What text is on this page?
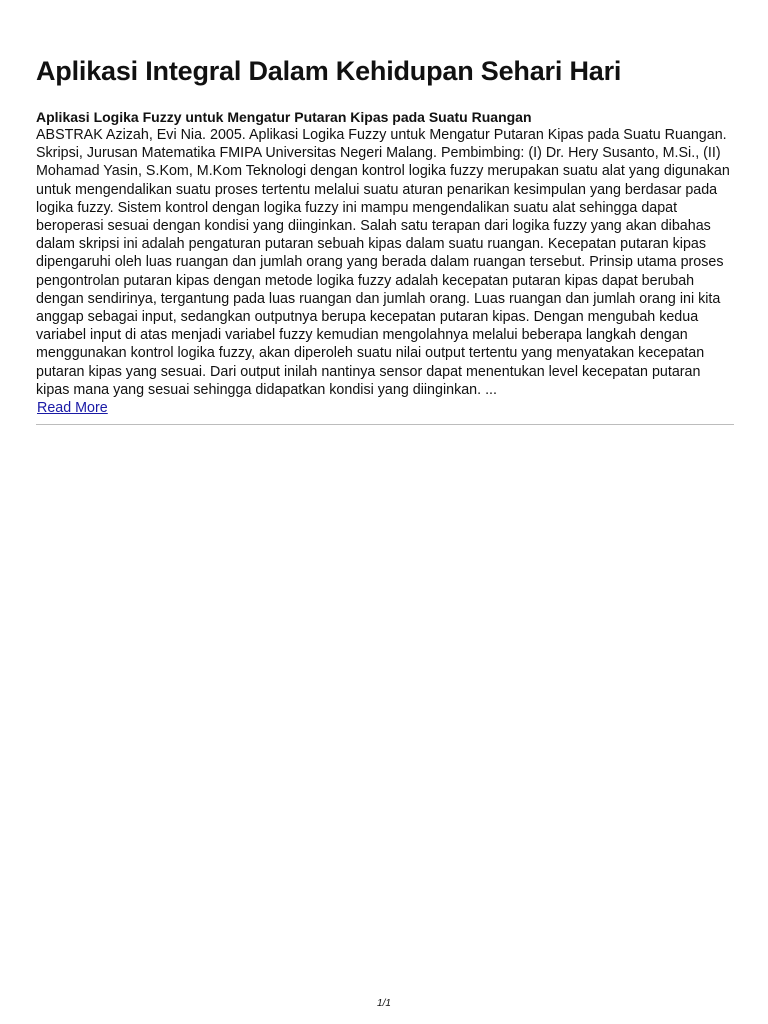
Aplikasi Integral Dalam Kehidupan Sehari Hari
Aplikasi Logika Fuzzy untuk Mengatur Putaran Kipas pada Suatu Ruangan

ABSTRAK Azizah, Evi Nia. 2005. Aplikasi Logika Fuzzy untuk Mengatur Putaran Kipas pada Suatu Ruangan. Skripsi, Jurusan Matematika FMIPA Universitas Negeri Malang. Pembimbing: (I) Dr. Hery Susanto, M.Si., (II) Mohamad Yasin, S.Kom, M.Kom Teknologi dengan kontrol logika fuzzy merupakan suatu alat yang digunakan untuk mengendalikan suatu proses tertentu melalui suatu aturan penarikan kesimpulan yang berdasar pada logika fuzzy. Sistem kontrol dengan logika fuzzy ini mampu mengendalikan suatu alat sehingga dapat beroperasi sesuai dengan kondisi yang diinginkan. Salah satu terapan dari logika fuzzy yang akan dibahas dalam skripsi ini adalah pengaturan putaran sebuah kipas dalam suatu ruangan. Kecepatan putaran kipas dipengaruhi oleh luas ruangan dan jumlah orang yang berada dalam ruangan tersebut. Prinsip utama proses pengontrolan putaran kipas dengan metode logika fuzzy adalah kecepatan putaran kipas dapat berubah dengan sendirinya, tergantung pada luas ruangan dan jumlah orang. Luas ruangan dan jumlah orang ini kita anggap sebagai input, sedangkan outputnya berupa kecepatan putaran kipas. Dengan mengubah kedua variabel input di atas menjadi variabel fuzzy kemudian mengolahnya melalui beberapa langkah dengan menggunakan kontrol logika fuzzy, akan diperoleh suatu nilai output tertentu yang menyatakan kecepatan putaran kipas yang sesuai. Dari output inilah nantinya sensor dapat menentukan level kecepatan putaran kipas mana yang sesuai sehingga didapatkan kondisi yang diinginkan. ...

Read More
1/1
